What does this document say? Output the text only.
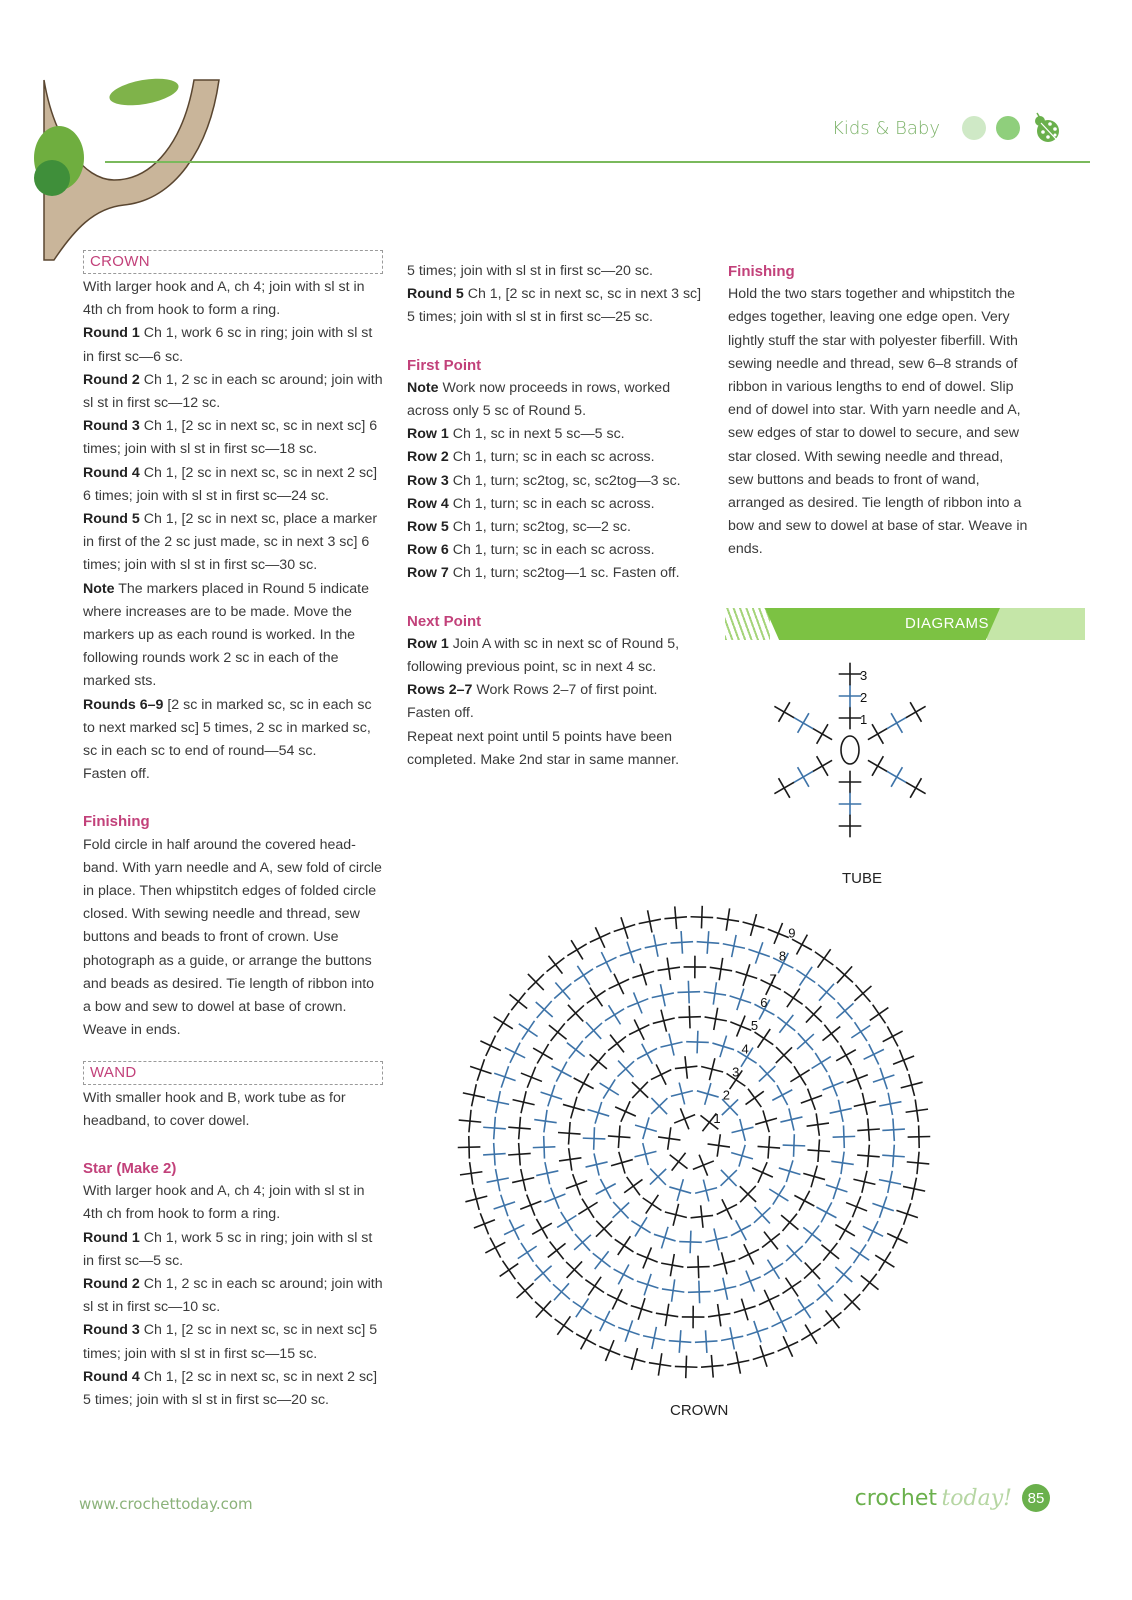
Kids & Baby
CROWN

With larger hook and A, ch 4; join with sl st in 4th ch from hook to form a ring.

Round 1 Ch 1, work 6 sc in ring; join with sl st in first sc—6 sc.

Round 2 Ch 1, 2 sc in each sc around; join with sl st in first sc—12 sc.

Round 3 Ch 1, [2 sc in next sc, sc in next sc] 6 times; join with sl st in first sc—18 sc.

Round 4 Ch 1, [2 sc in next sc, sc in next 2 sc] 6 times; join with sl st in first sc—24 sc.

Round 5 Ch 1, [2 sc in next sc, place a marker in first of the 2 sc just made, sc in next 3 sc] 6 times; join with sl st in first sc—30 sc.

Note The markers placed in Round 5 indicate where increases are to be made. Move the markers up as each round is worked. In the following rounds work 2 sc in each of the marked sts.

Rounds 6–9 [2 sc in marked sc, sc in each sc to next marked sc] 5 times, 2 sc in marked sc, sc in each sc to end of round—54 sc.

Fasten off.

Finishing

Fold circle in half around the covered head-band. With yarn needle and A, sew fold of circle in place. Then whipstitch edges of folded circle closed. With sewing needle and thread, sew buttons and beads to front of crown. Use photograph as a guide, or arrange the buttons and beads as desired. Tie length of ribbon into a bow and sew to dowel at base of crown. Weave in ends.

WAND

With smaller hook and B, work tube as for headband, to cover dowel.

Star (Make 2)

With larger hook and A, ch 4; join with sl st in 4th ch from hook to form a ring.

Round 1 Ch 1, work 5 sc in ring; join with sl st in first sc—5 sc.

Round 2 Ch 1, 2 sc in each sc around; join with sl st in first sc—10 sc.

Round 3 Ch 1, [2 sc in next sc, sc in next sc] 5 times; join with sl st in first sc—15 sc.

Round 4 Ch 1, [2 sc in next sc, sc in next 2 sc] 5 times; join with sl st in first sc—20 sc.

5 times; join with sl st in first sc—20 sc.

Round 5 Ch 1, [2 sc in next sc, sc in next 3 sc] 5 times; join with sl st in first sc—25 sc.

First Point

Note Work now proceeds in rows, worked across only 5 sc of Round 5.

Row 1 Ch 1, sc in next 5 sc—5 sc.

Row 2 Ch 1, turn; sc in each sc across.

Row 3 Ch 1, turn; sc2tog, sc, sc2tog—3 sc.

Row 4 Ch 1, turn; sc in each sc across.

Row 5 Ch 1, turn; sc2tog, sc—2 sc.

Row 6 Ch 1, turn; sc in each sc across.

Row 7 Ch 1, turn; sc2tog—1 sc. Fasten off.

Next Point

Row 1 Join A with sc in next sc of Round 5, following previous point, sc in next 4 sc.

Rows 2–7 Work Rows 2–7 of first point.

Fasten off.

Repeat next point until 5 points have been completed. Make 2nd star in same manner.

Finishing

Hold the two stars together and whipstitch the edges together, leaving one edge open. Very lightly stuff the star with polyester fiberfill. With sewing needle and thread, sew 6–8 strands of ribbon in various lengths to end of dowel. Slip end of dowel into star. With yarn needle and A, sew edges of star to dowel to secure, and sew star closed. With sewing needle and thread, sew buttons and beads to front of wand, arranged as desired. Tie length of ribbon into a bow and sew to dowel at base of star. Weave in ends.

DIAGRAMS
1
2
3
TUBE
1
2
3
4
5
6
7
8
9
CROWN
www.crochettoday.com	crochet today!	85
